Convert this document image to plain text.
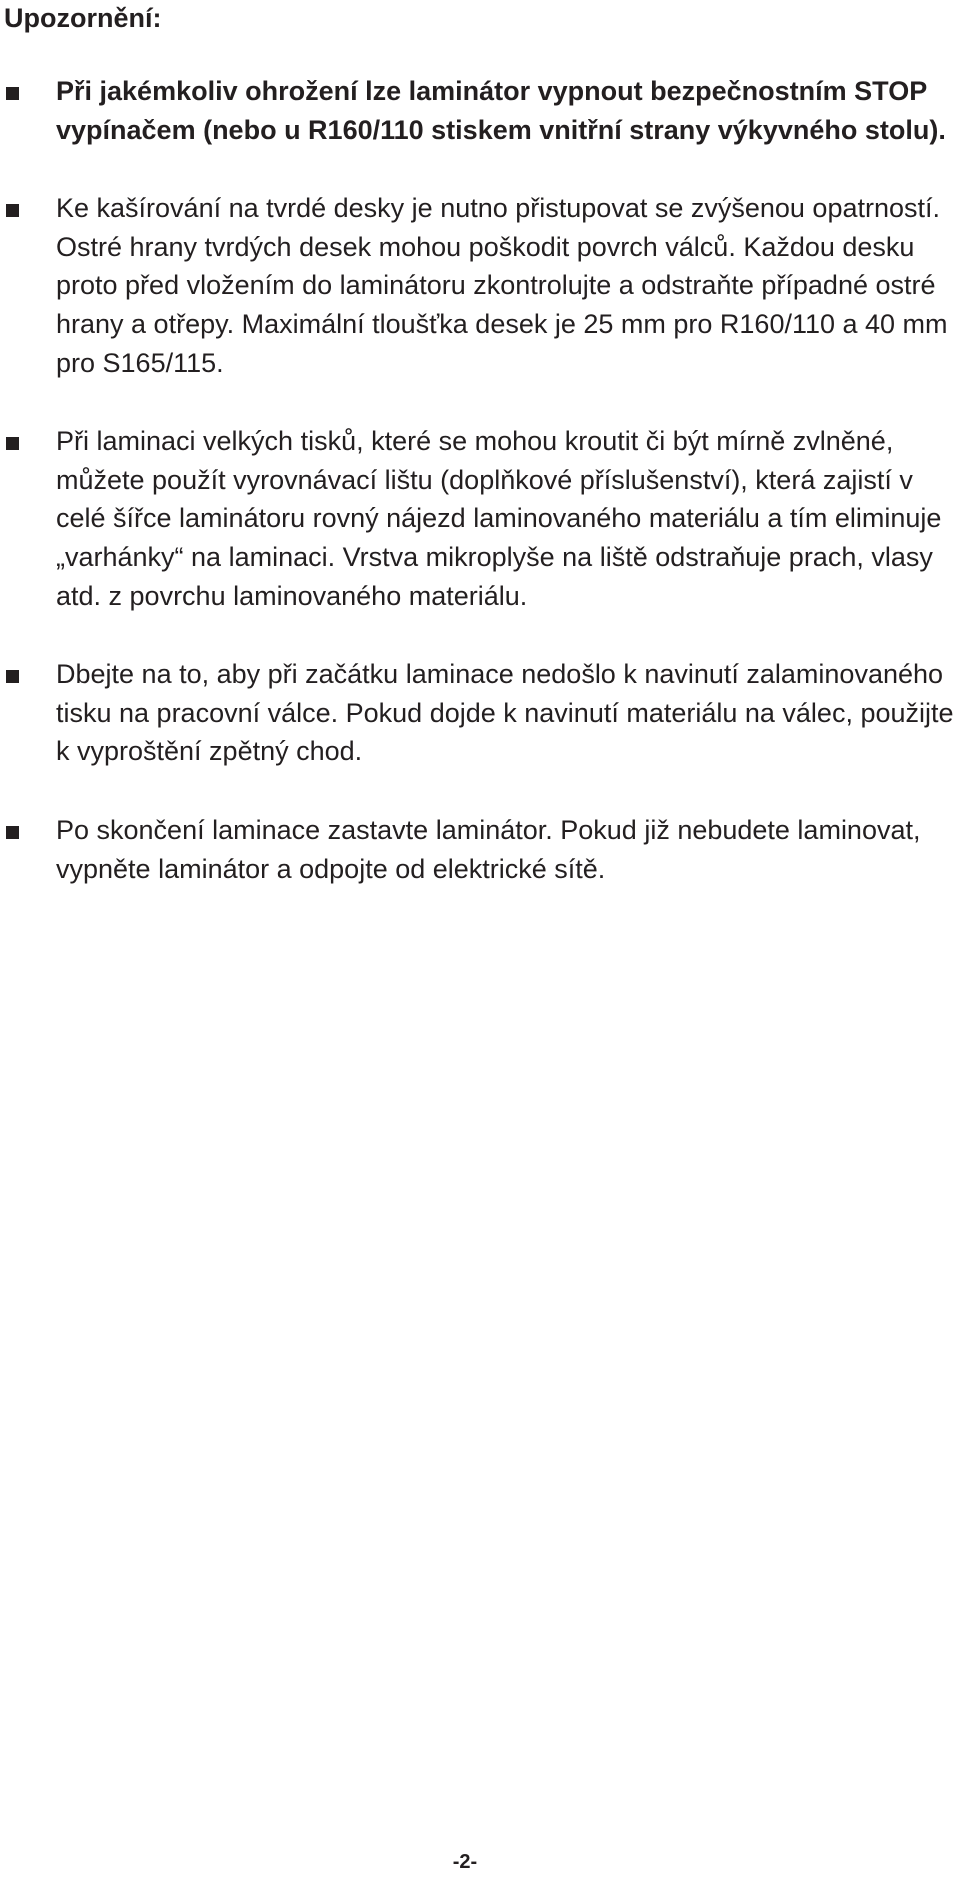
Upozornění:
Při jakémkoliv ohrožení lze laminátor vypnout bezpečnostním STOP vypínačem (nebo u R160/110 stiskem vnitřní strany výkyvného stolu).
Ke kašírování na tvrdé desky je nutno přistupovat se zvýšenou opatrností. Ostré hrany tvrdých desek mohou poškodit povrch válců. Každou desku proto před vložením do laminátoru zkontrolujte a odstraňte případné ostré hrany a otřepy. Maximální tloušťka desek je 25 mm pro R160/110 a 40 mm pro S165/115.
Při laminaci velkých tisků, které se mohou kroutit či být mírně zvlněné, můžete použít vyrovnávací lištu (doplňkové příslušenství), která zajistí v celé šířce laminátoru rovný nájezd laminovaného materiálu a tím eliminuje „varhánky“ na laminaci. Vrstva mikroplyše na liště odstraňuje prach, vlasy atd. z povrchu laminovaného materiálu.
Dbejte na to, aby při začátku laminace nedošlo k navinutí zalaminovaného tisku na pracovní válce. Pokud dojde k navinutí materiálu na válec, použijte k vyproštění zpětný chod.
Po skončení laminace zastavte laminátor. Pokud již nebudete laminovat, vypněte laminátor a odpojte od elektrické sítě.
-2-
